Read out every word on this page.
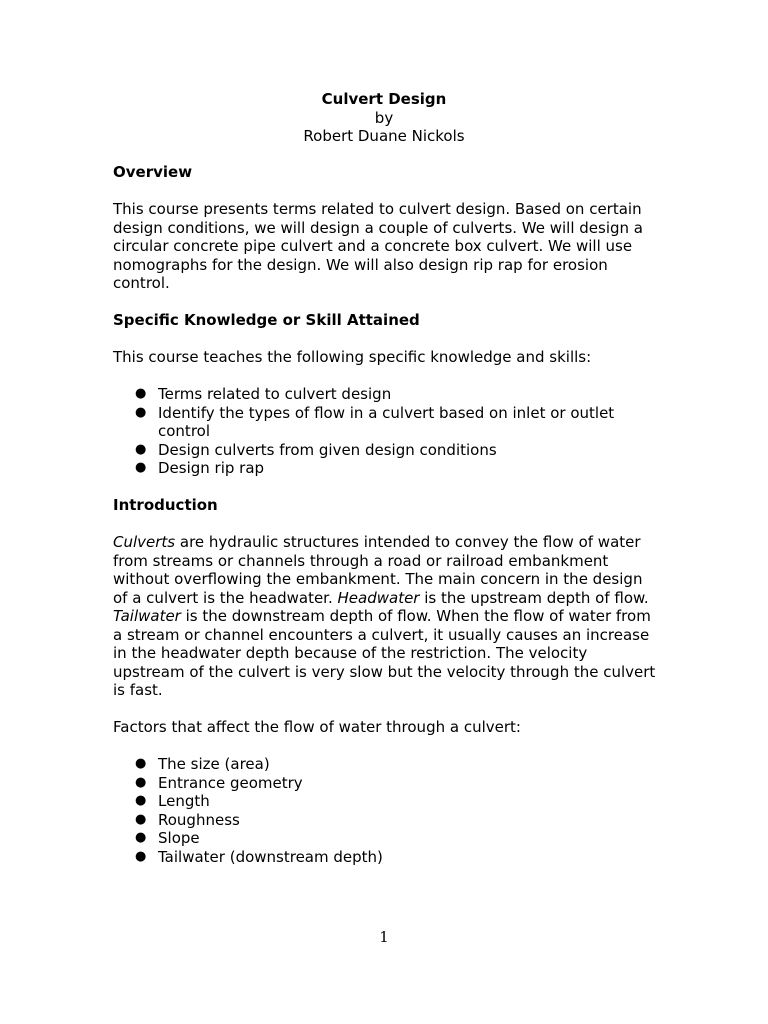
Culvert Design
by
Robert Duane Nickols
Overview

This course presents terms related to culvert design. Based on certain design conditions, we will design a couple of culverts. We will design a circular concrete pipe culvert and a concrete box culvert. We will use nomographs for the design. We will also design rip rap for erosion control.

Specific Knowledge or Skill Attained

This course teaches the following specific knowledge and skills:

● Terms related to culvert design
● Identify the types of flow in a culvert based on inlet or outlet control
● Design culverts from given design conditions
● Design rip rap
Introduction

Culverts are hydraulic structures intended to convey the flow of water from streams or channels through a road or railroad embankment without overflowing the embankment. The main concern in the design of a culvert is the headwater. Headwater is the upstream depth of flow. Tailwater is the downstream depth of flow. When the flow of water from a stream or channel encounters a culvert, it usually causes an increase in the headwater depth because of the restriction. The velocity upstream of the culvert is very slow but the velocity through the culvert is fast.

Factors that affect the flow of water through a culvert:

● The size (area)
● Entrance geometry
● Length
● Roughness
● Slope
● Tailwater (downstream depth)
1
